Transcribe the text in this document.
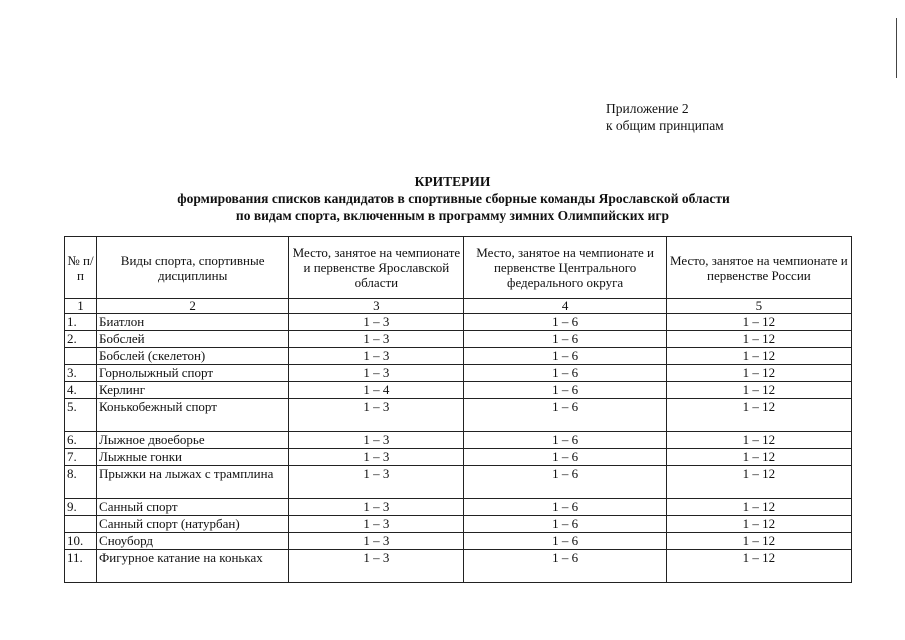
Приложение 2
к общим принципам
КРИТЕРИИ
формирования списков кандидатов в спортивные сборные команды Ярославской области
по видам спорта, включенным в программу зимних Олимпийских игр
№ п/п	Виды спорта, спортивные дисциплины	Место, занятое на чемпионате и первенстве Ярославской области	Место, занятое на чемпионате и первенстве Центрального федерального округа	Место, занятое на чемпионате и первенстве России
1	2	3	4	5
1.	Биатлон	1 – 3	1 – 6	1 – 12
2.	Бобслей	1 – 3	1 – 6	1 – 12
	Бобслей (скелетон)	1 – 3	1 – 6	1 – 12
3.	Горнолыжный спорт	1 – 3	1 – 6	1 – 12
4.	Керлинг	1 – 4	1 – 6	1 – 12
5.	Конькобежный спорт	1 – 3	1 – 6	1 – 12
6.	Лыжное двоеборье	1 – 3	1 – 6	1 – 12
7.	Лыжные гонки	1 – 3	1 – 6	1 – 12
8.	Прыжки на лыжах с трамплина	1 – 3	1 – 6	1 – 12
9.	Санный спорт	1 – 3	1 – 6	1 – 12
	Санный спорт (натурбан)	1 – 3	1 – 6	1 – 12
10.	Сноуборд	1 – 3	1 – 6	1 – 12
11.	Фигурное катание на коньках	1 – 3	1 – 6	1 – 12
